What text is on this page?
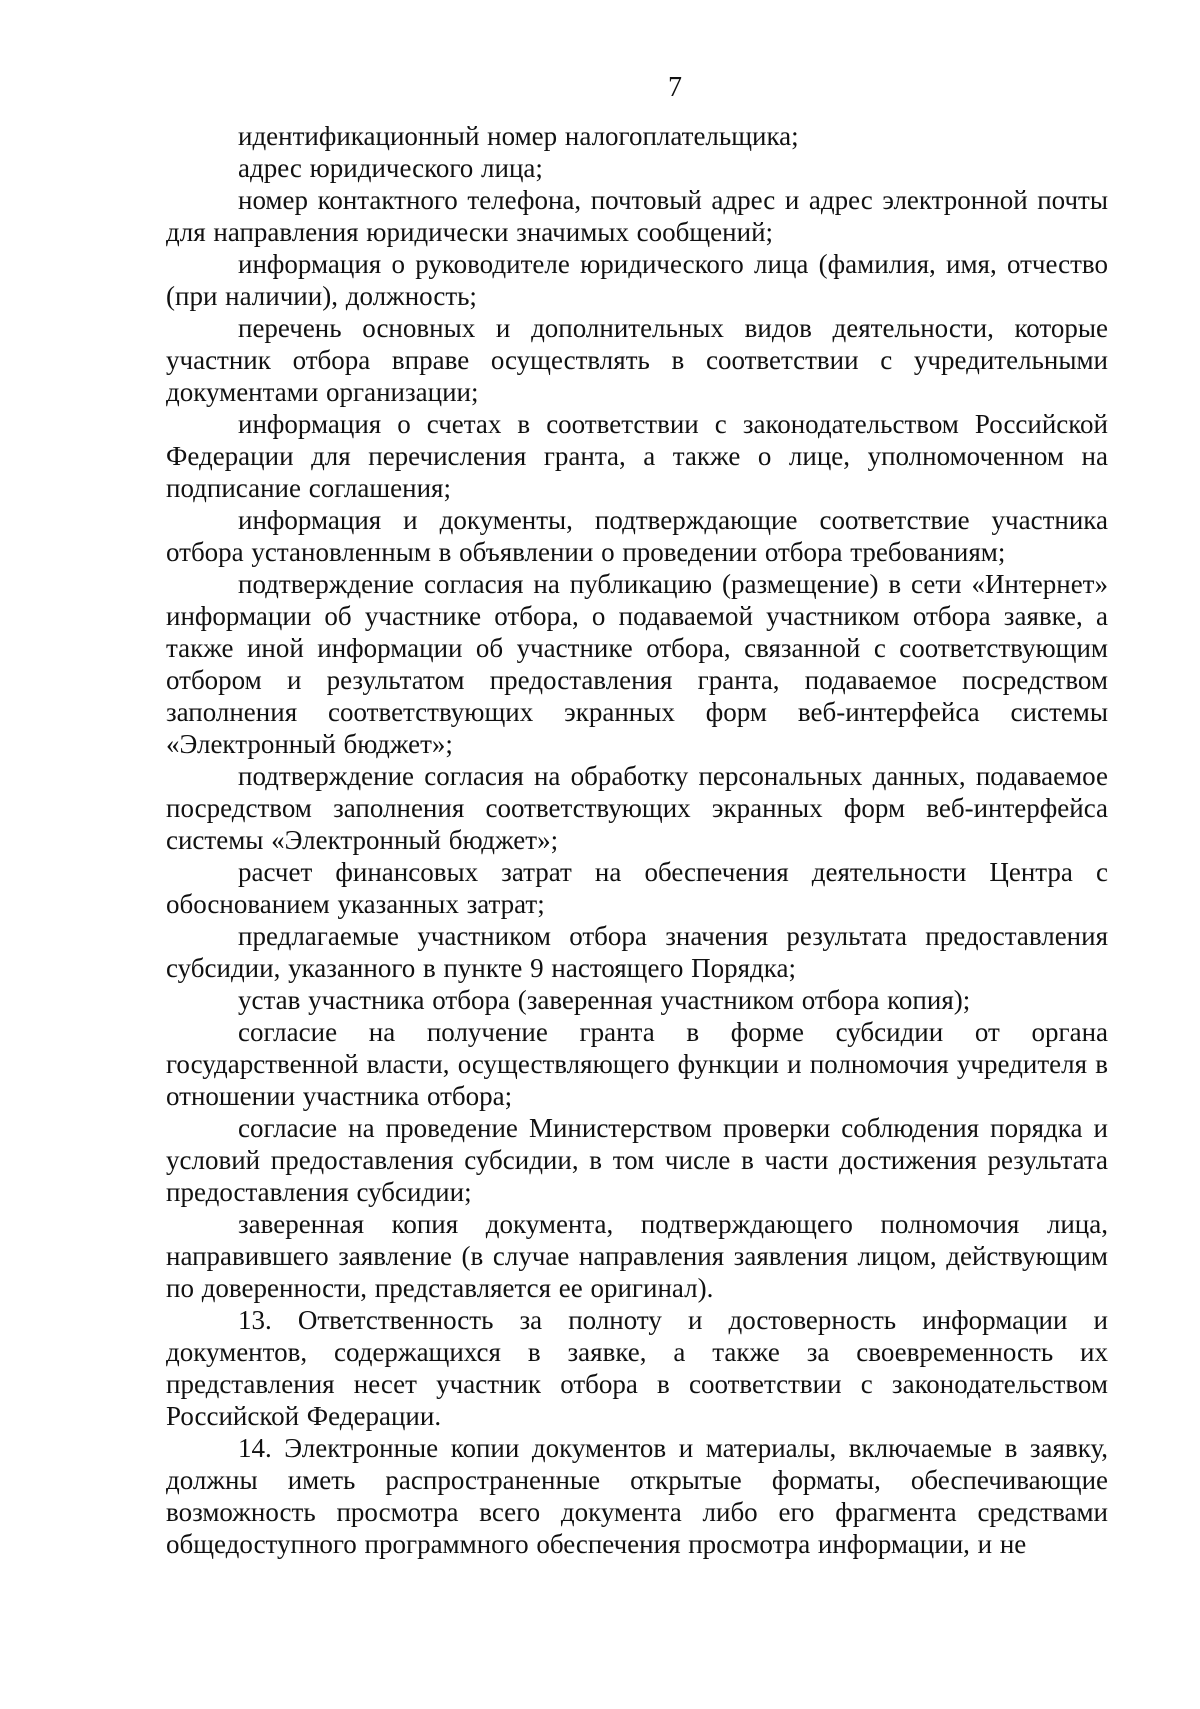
7

идентификационный номер налогоплательщика;

адрес юридического лица;

номер контактного телефона, почтовый адрес и адрес электронной почты для направления юридически значимых сообщений;

информация о руководителе юридического лица (фамилия, имя, отчество (при наличии), должность;

перечень основных и дополнительных видов деятельности, которые участник отбора вправе осуществлять в соответствии с учредительными документами организации;

информация о счетах в соответствии с законодательством Российской Федерации для перечисления гранта, а также о лице, уполномоченном на подписание соглашения;

информация и документы, подтверждающие соответствие участника отбора установленным в объявлении о проведении отбора требованиям;

подтверждение согласия на публикацию (размещение) в сети «Интернет» информации об участнике отбора, о подаваемой участником отбора заявке, а также иной информации об участнике отбора, связанной с соответствующим отбором и результатом предоставления гранта, подаваемое посредством заполнения соответствующих экранных форм веб-интерфейса системы «Электронный бюджет»;

подтверждение согласия на обработку персональных данных, подаваемое посредством заполнения соответствующих экранных форм веб-интерфейса системы «Электронный бюджет»;

расчет финансовых затрат на обеспечения деятельности Центра с обоснованием указанных затрат;

предлагаемые участником отбора значения результата предоставления субсидии, указанного в пункте 9 настоящего Порядка;

устав участника отбора (заверенная участником отбора копия);

согласие на получение гранта в форме субсидии от органа государственной власти, осуществляющего функции и полномочия учредителя в отношении участника отбора;

согласие на проведение Министерством проверки соблюдения порядка и условий предоставления субсидии, в том числе в части достижения результата предоставления субсидии;

заверенная копия документа, подтверждающего полномочия лица, направившего заявление (в случае направления заявления лицом, действующим по доверенности, представляется ее оригинал).

13. Ответственность за полноту и достоверность информации и документов, содержащихся в заявке, а также за своевременность их представления несет участник отбора в соответствии с законодательством Российской Федерации.

14. Электронные копии документов и материалы, включаемые в заявку, должны иметь распространенные открытые форматы, обеспечивающие возможность просмотра всего документа либо его фрагмента средствами общедоступного программного обеспечения просмотра информации, и не
